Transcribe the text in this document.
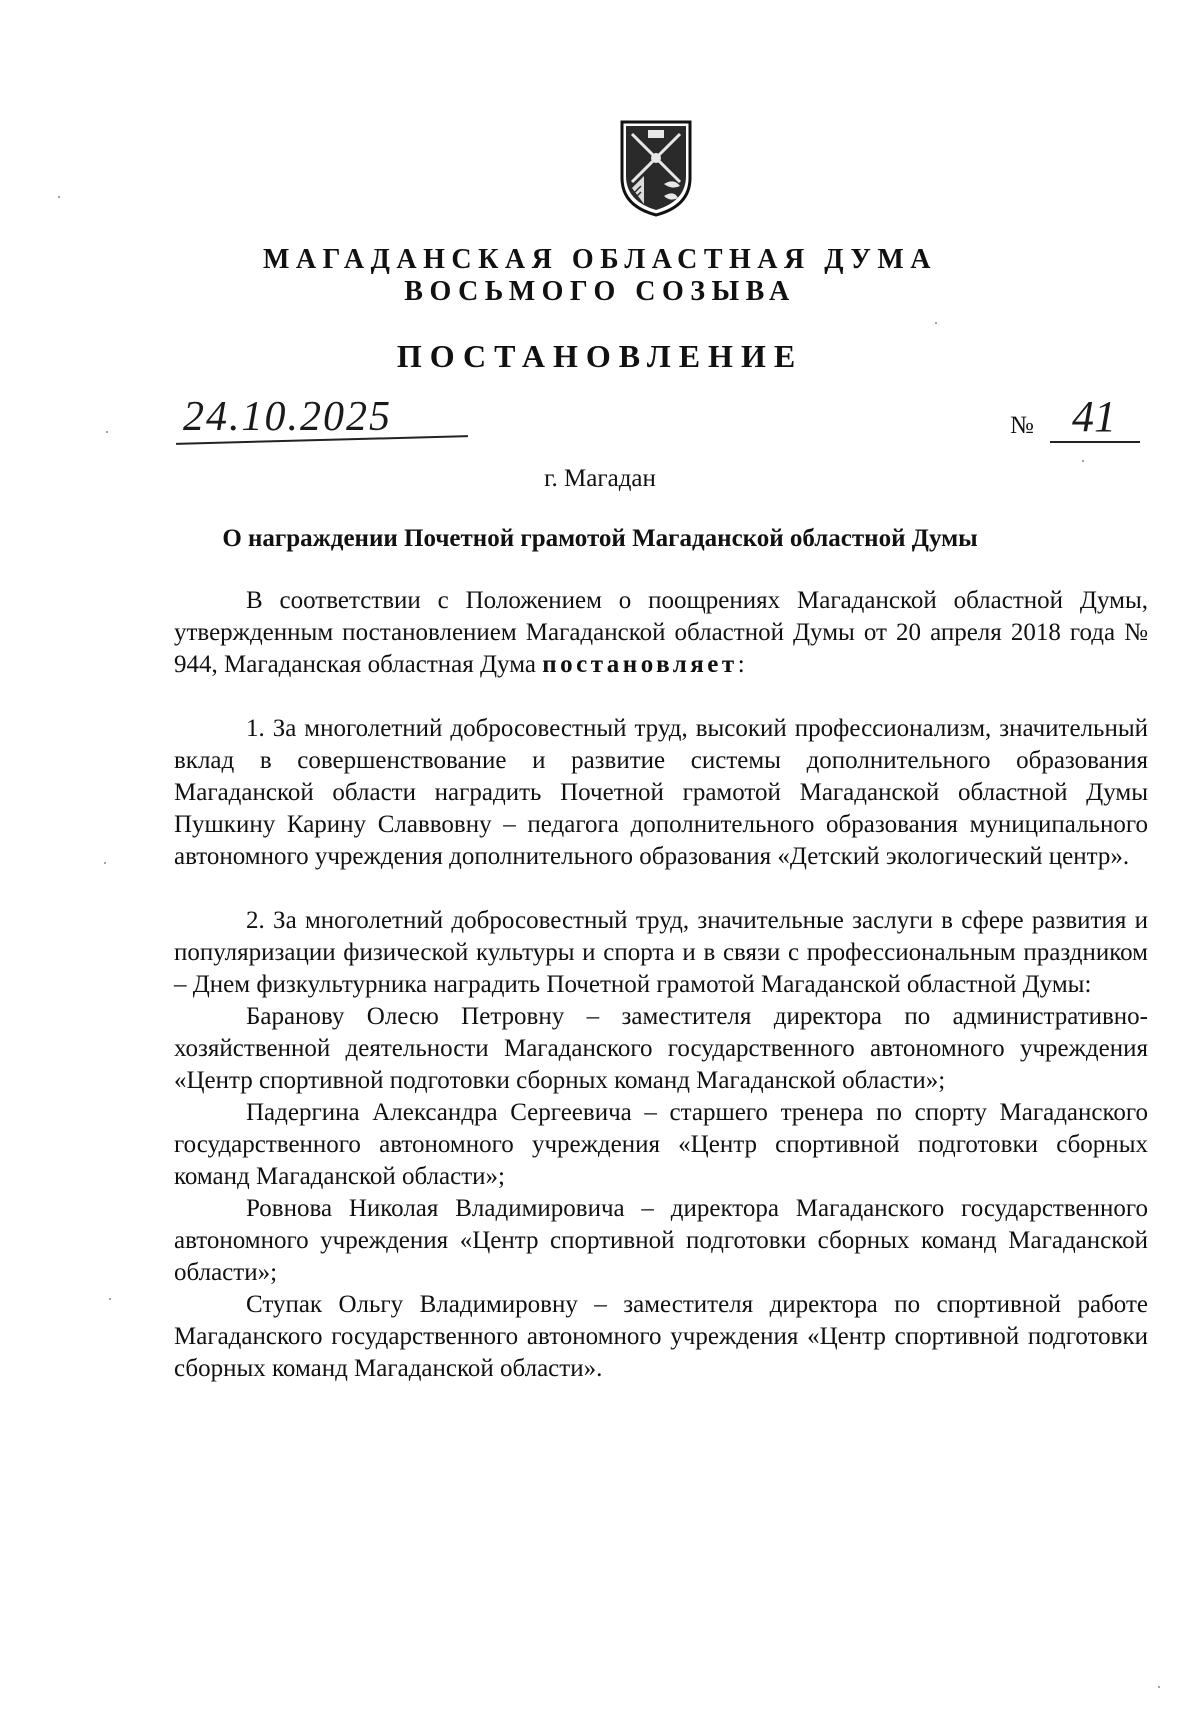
МАГАДАНСКАЯ ОБЛАСТНАЯ ДУМА
ВОСЬМОГО СОЗЫВА
ПОСТАНОВЛЕНИЕ
24.10.2025	№ 41

г. Магадан

О награждении Почетной грамотой Магаданской областной Думы

В соответствии с Положением о поощрениях Магаданской областной Думы, утвержденным постановлением Магаданской областной Думы от 20 апреля 2018 года № 944, Магаданская областная Дума постановляет:

1. За многолетний добросовестный труд, высокий профессионализм, значительный вклад в совершенствование и развитие системы дополнительного образования Магаданской области наградить Почетной грамотой Магаданской областной Думы Пушкину Карину Славвовну – педагога дополнительного образования муниципального автономного учреждения дополнительного образования «Детский экологический центр».

2. За многолетний добросовестный труд, значительные заслуги в сфере развития и популяризации физической культуры и спорта и в связи с профессиональным праздником – Днем физкультурника наградить Почетной грамотой Магаданской областной Думы:

Баранову Олесю Петровну – заместителя директора по административно-хозяйственной деятельности Магаданского государственного автономного учреждения «Центр спортивной подготовки сборных команд Магаданской области»;

Падергина Александра Сергеевича – старшего тренера по спорту Магаданского государственного автономного учреждения «Центр спортивной подготовки сборных команд Магаданской области»;

Ровнова Николая Владимировича – директора Магаданского государственного автономного учреждения «Центр спортивной подготовки сборных команд Магаданской области»;

Ступак Ольгу Владимировну – заместителя директора по спортивной работе Магаданского государственного автономного учреждения «Центр спортивной подготовки сборных команд Магаданской области».
